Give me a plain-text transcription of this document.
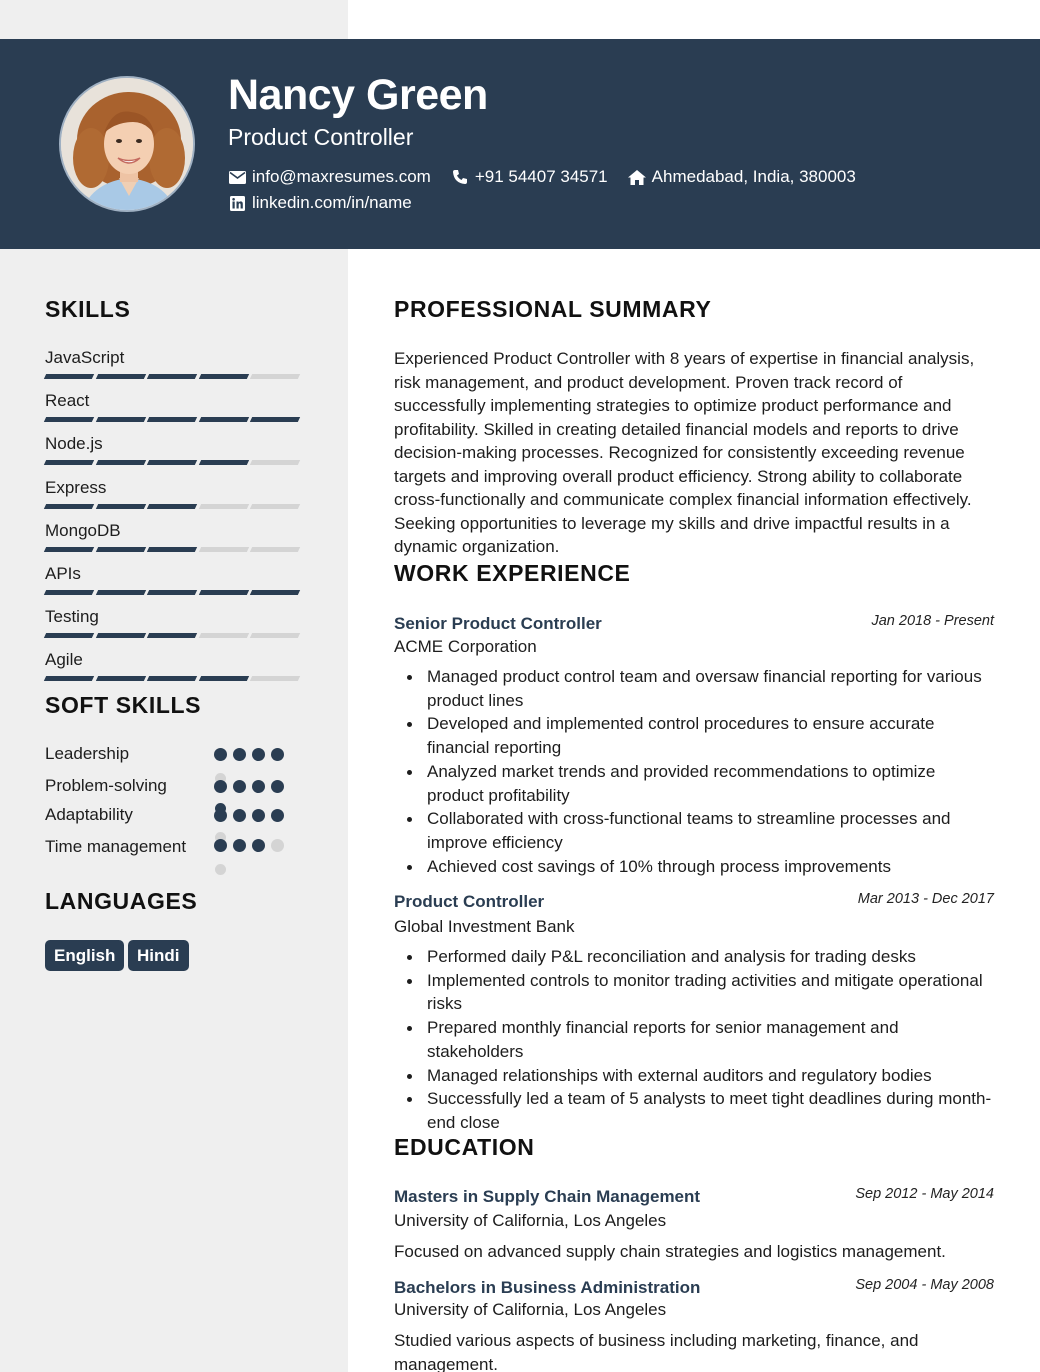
Nancy Green
Product Controller
info@maxresumes.com	+91 54407 34571	Ahmedabad, India, 380003
linkedin.com/in/name
SKILLS
JavaScript
React
Node.js
Express
MongoDB
APIs
Testing
Agile
SOFT SKILLS
Leadership
Problem-solving
Adaptability
Time management
LANGUAGES
English	Hindi
PROFESSIONAL SUMMARY
Experienced Product Controller with 8 years of expertise in financial analysis, risk management, and product development. Proven track record of successfully implementing strategies to optimize product performance and profitability. Skilled in creating detailed financial models and reports to drive decision-making processes. Recognized for consistently exceeding revenue targets and improving overall product efficiency. Strong ability to collaborate cross-functionally and communicate complex financial information effectively. Seeking opportunities to leverage my skills and drive impactful results in a dynamic organization.
WORK EXPERIENCE
Senior Product Controller	Jan 2018 - Present
ACME Corporation
Managed product control team and oversaw financial reporting for various product lines
Developed and implemented control procedures to ensure accurate financial reporting
Analyzed market trends and provided recommendations to optimize product profitability
Collaborated with cross-functional teams to streamline processes and improve efficiency
Achieved cost savings of 10% through process improvements
Product Controller	Mar 2013 - Dec 2017
Global Investment Bank
Performed daily P&L reconciliation and analysis for trading desks
Implemented controls to monitor trading activities and mitigate operational risks
Prepared monthly financial reports for senior management and stakeholders
Managed relationships with external auditors and regulatory bodies
Successfully led a team of 5 analysts to meet tight deadlines during month-end close
EDUCATION
Masters in Supply Chain Management	Sep 2012 - May 2014
University of California, Los Angeles
Focused on advanced supply chain strategies and logistics management.
Bachelors in Business Administration	Sep 2004 - May 2008
University of California, Los Angeles
Studied various aspects of business including marketing, finance, and management.
